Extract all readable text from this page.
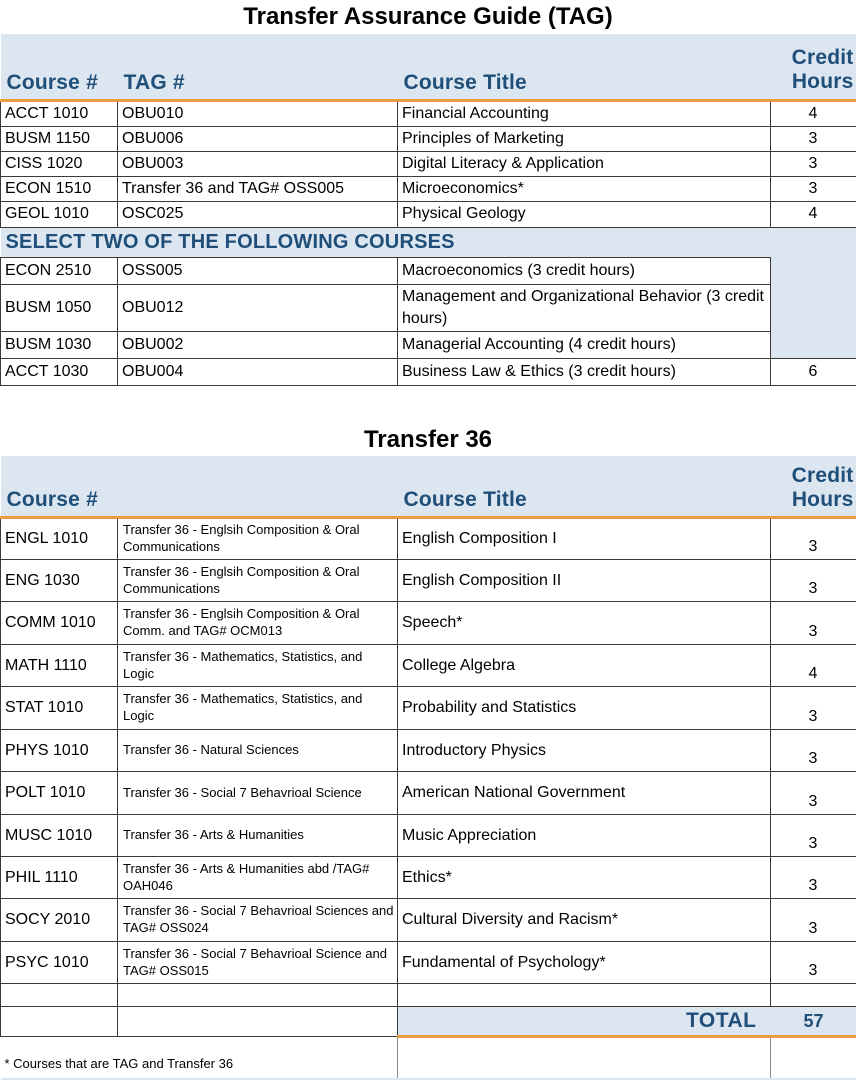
Transfer Assurance Guide (TAG)
Course #	TAG #	Course Title	Credit Hours
ACCT 1010	OBU010	Financial Accounting	4
BUSM 1150	OBU006	Principles of Marketing	3
CISS 1020	OBU003	Digital Literacy & Application	3
ECON 1510	Transfer 36 and TAG# OSS005	Microeconomics*	3
GEOL 1010	OSC025	Physical Geology	4
SELECT TWO OF THE FOLLOWING COURSES			
ECON 2510	OSS005	Macroeconomics (3 credit hours)	
BUSM 1050	OBU012	Management and Organizational Behavior (3 credit hours)	
BUSM 1030	OBU002	Managerial Accounting (4 credit hours)	
ACCT 1030	OBU004	Business Law & Ethics (3 credit hours)	6
Transfer 36
Course #		Course Title	Credit Hours
ENGL 1010	Transfer 36 - Englsih Composition & Oral Communications	English Composition I	3
ENG 1030	Transfer 36 - Englsih Composition & Oral Communications	English Composition II	3
COMM 1010	Transfer 36 - Englsih Composition & Oral Comm. and TAG# OCM013	Speech*	3
MATH 1110	Transfer 36 - Mathematics, Statistics, and Logic	College Algebra	4
STAT 1010	Transfer 36 - Mathematics, Statistics, and Logic	Probability and Statistics	3
PHYS 1010	Transfer 36 - Natural Sciences	Introductory Physics	3
POLT 1010	Transfer 36 - Social 7 Behavrioal Science	American National Government	3
MUSC 1010	Transfer 36 - Arts & Humanities	Music Appreciation	3
PHIL 1110	Transfer 36 - Arts & Humanities abd /TAG# OAH046	Ethics*	3
SOCY 2010	Transfer 36 - Social 7 Behavrioal Sciences and TAG# OSS024	Cultural Diversity and Racism*	3
PSYC 1010	Transfer 36 - Social 7 Behavrioal Science and TAG# OSS015	Fundamental of Psychology*	3

		TOTAL	57
* Courses that are TAG and Transfer 36			
